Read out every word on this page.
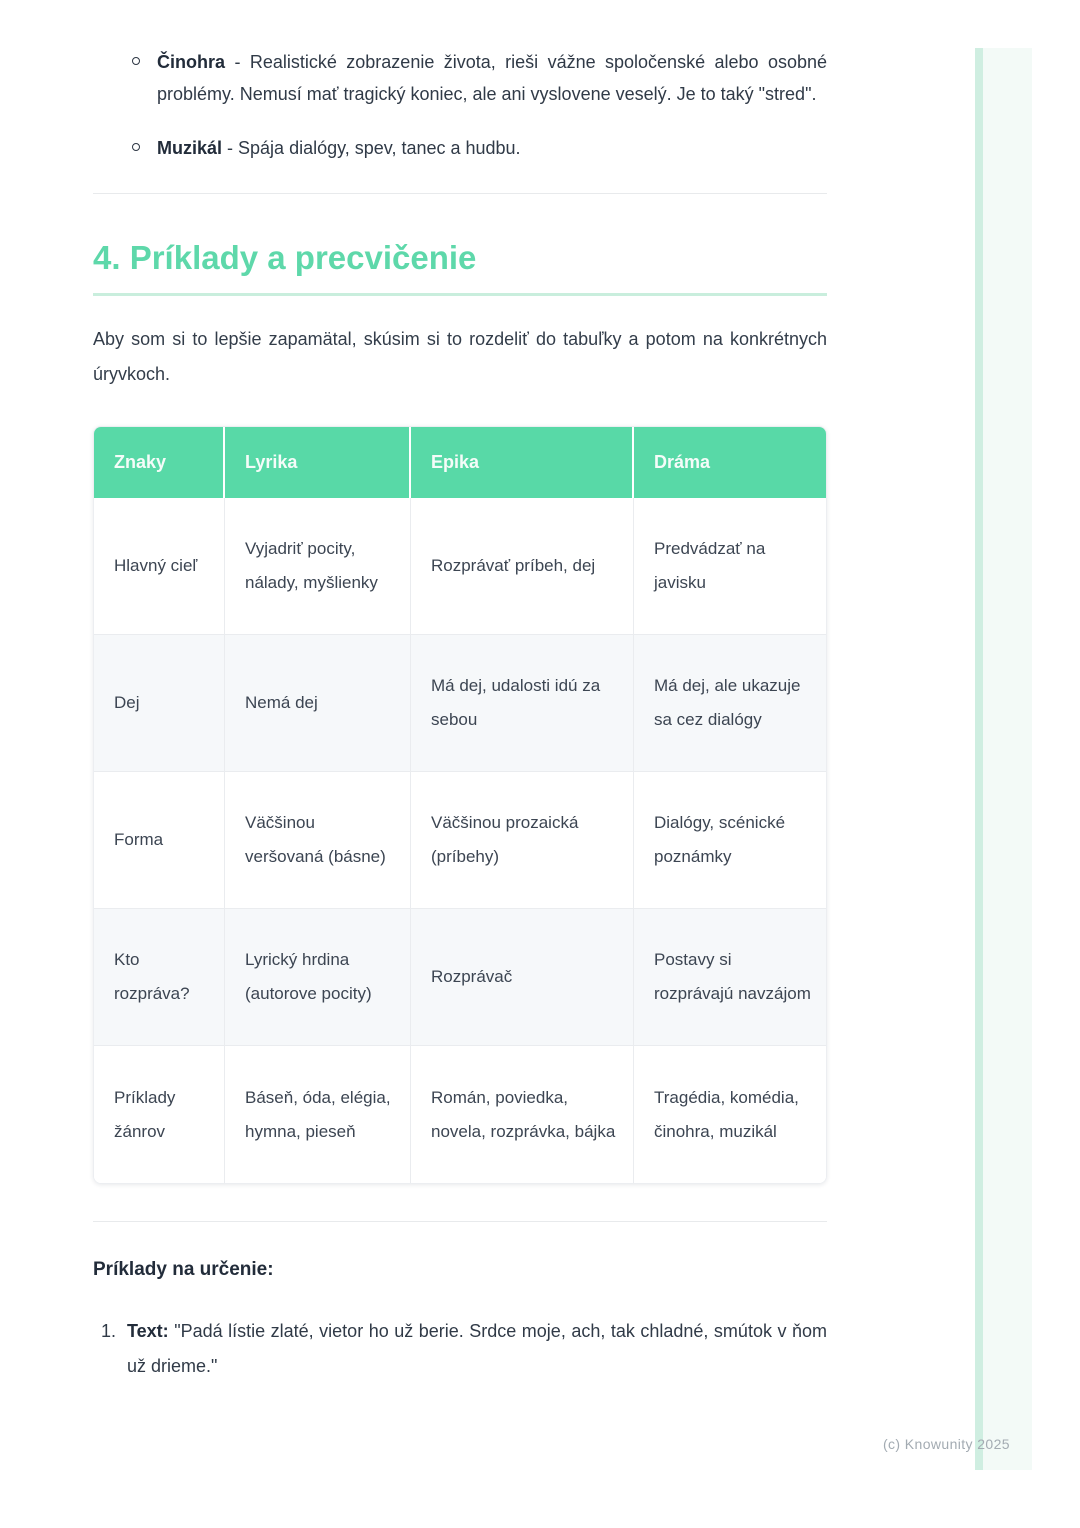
Činohra - Realistické zobrazenie života, rieši vážne spoločenské alebo osobné problémy. Nemusí mať tragický koniec, ale ani vyslovene veselý. Je to taký "stred".
Muzikál - Spája dialógy, spev, tanec a hudbu.
4. Príklady a precvičenie

Aby som si to lepšie zapamätal, skúsim si to rozdeliť do tabuľky a potom na konkrétnych úryvkoch.

Znaky	Lyrika	Epika	Dráma
Hlavný cieľ	Vyjadriť pocity, nálady, myšlienky	Rozprávať príbeh, dej	Predvádzať na javisku
Dej	Nemá dej	Má dej, udalosti idú za sebou	Má dej, ale ukazuje sa cez dialógy
Forma	Väčšinou veršovaná (básne)	Väčšinou prozaická (príbehy)	Dialógy, scénické poznámky
Kto rozpráva?	Lyrický hrdina (autorove pocity)	Rozprávač	Postavy si rozprávajú navzájom
Príklady žánrov	Báseň, óda, elégia, hymna, pieseň	Román, poviedka, novela, rozprávka, bájka	Tragédia, komédia, činohra, muzikál
Príklady na určenie:
1. Text: "Padá lístie zlaté, vietor ho už berie. Srdce moje, ach, tak chladné, smútok v ňom už drieme."
(c) Knowunity 2025
